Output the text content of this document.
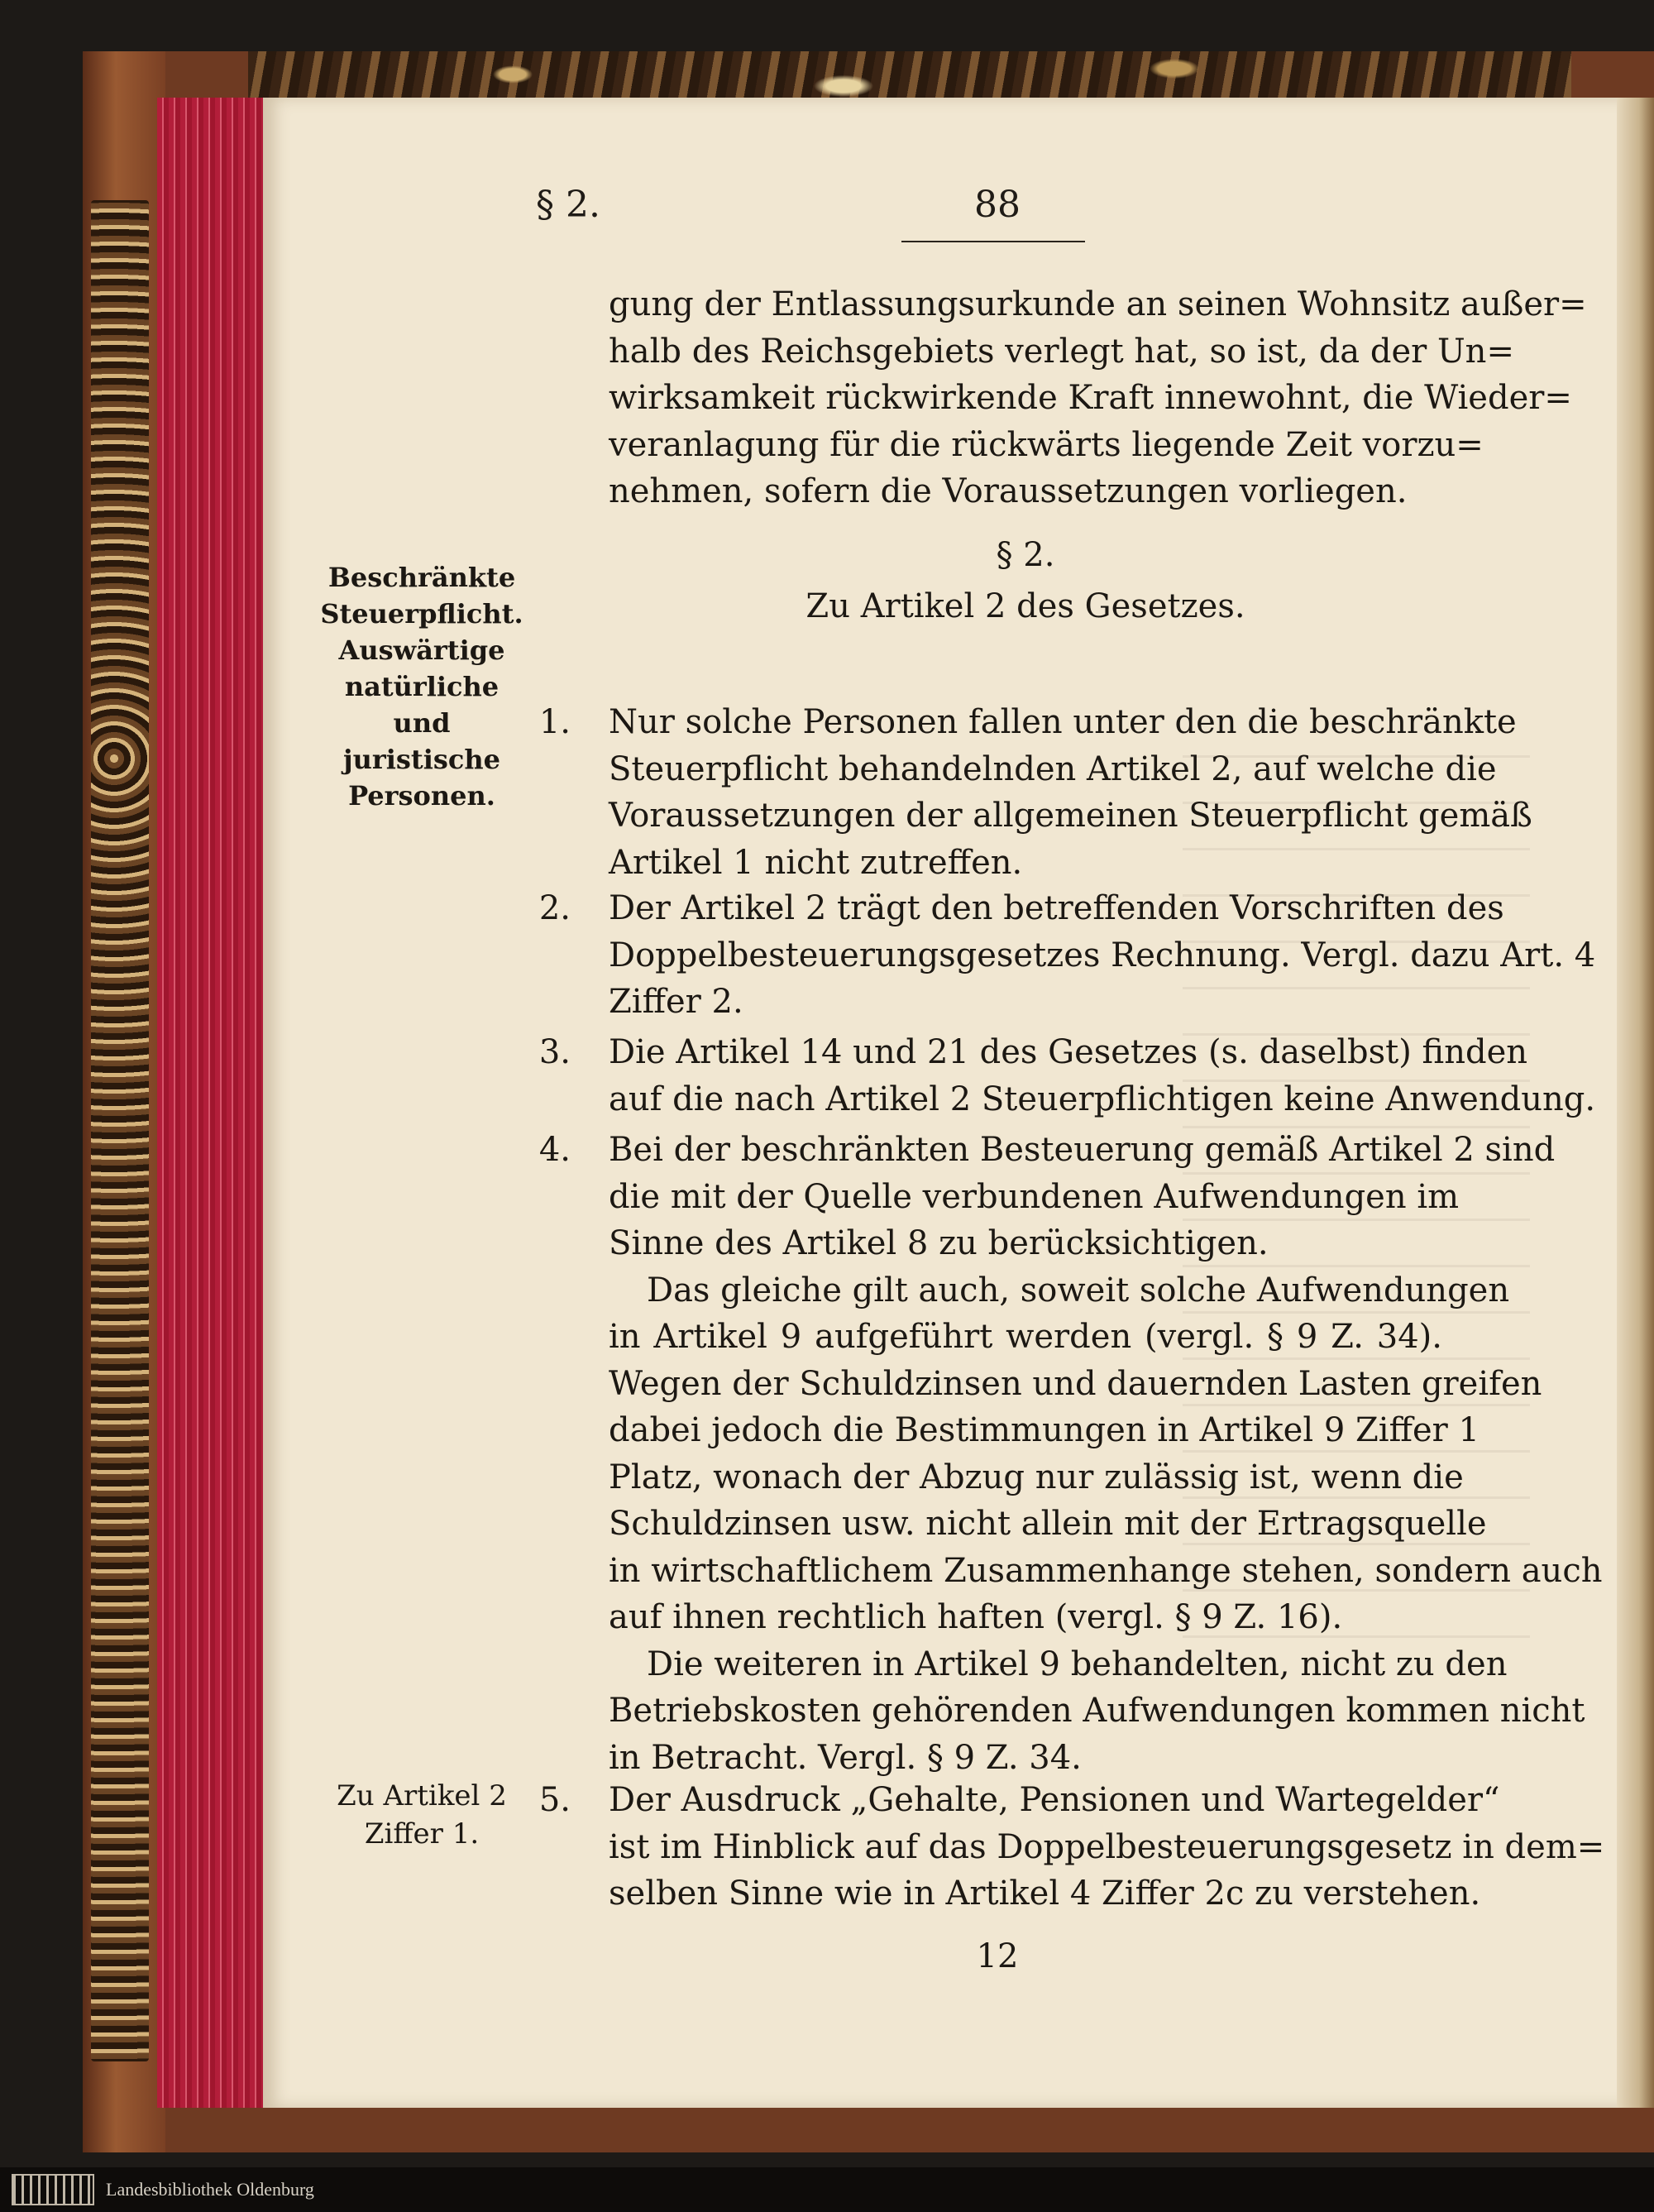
§ 2.	88
gung der Entlassungsurkunde an seinen Wohnsitz außer=
halb des Reichsgebiets verlegt hat, so ist, da der Un=
wirksamkeit rückwirkende Kraft innewohnt, die Wieder=
veranlagung für die rückwärts liegende Zeit vorzu=
nehmen, sofern die Voraussetzungen vorliegen.
§ 2.
Zu Artikel 2 des Gesetzes.
Beschränkte
Steuerpflicht.
Auswärtige
natürliche und
juristische
Personen.
1. Nur solche Personen fallen unter den die beschränkte
Steuerpflicht behandelnden Artikel 2, auf welche die
Voraussetzungen der allgemeinen Steuerpflicht gemäß
Artikel 1 nicht zutreffen.
2. Der Artikel 2 trägt den betreffenden Vorschriften des
Doppelbesteuerungsgesetzes Rechnung. Vergl. dazu Art. 4
Ziffer 2.
3. Die Artikel 14 und 21 des Gesetzes (s. daselbst) finden
auf die nach Artikel 2 Steuerpflichtigen keine Anwendung.
4. Bei der beschränkten Besteuerung gemäß Artikel 2 sind
die mit der Quelle verbundenen Aufwendungen im
Sinne des Artikel 8 zu berücksichtigen.
Das gleiche gilt auch, soweit solche Aufwendungen
in Artikel 9 aufgeführt werden (vergl. § 9 Z. 34).
Wegen der Schuldzinsen und dauernden Lasten greifen
dabei jedoch die Bestimmungen in Artikel 9 Ziffer 1
Platz, wonach der Abzug nur zulässig ist, wenn die
Schuldzinsen usw. nicht allein mit der Ertragsquelle
in wirtschaftlichem Zusammenhange stehen, sondern auch
auf ihnen rechtlich haften (vergl. § 9 Z. 16).
Die weiteren in Artikel 9 behandelten, nicht zu den
Betriebskosten gehörenden Aufwendungen kommen nicht
in Betracht. Vergl. § 9 Z. 34.
Zu Artikel 2
Ziffer 1.
5. Der Ausdruck „Gehalte, Pensionen und Wartegelder“
ist im Hinblick auf das Doppelbesteuerungsgesetz in dem=
selben Sinne wie in Artikel 4 Ziffer 2c zu verstehen.
12
Landesbibliothek Oldenburg
